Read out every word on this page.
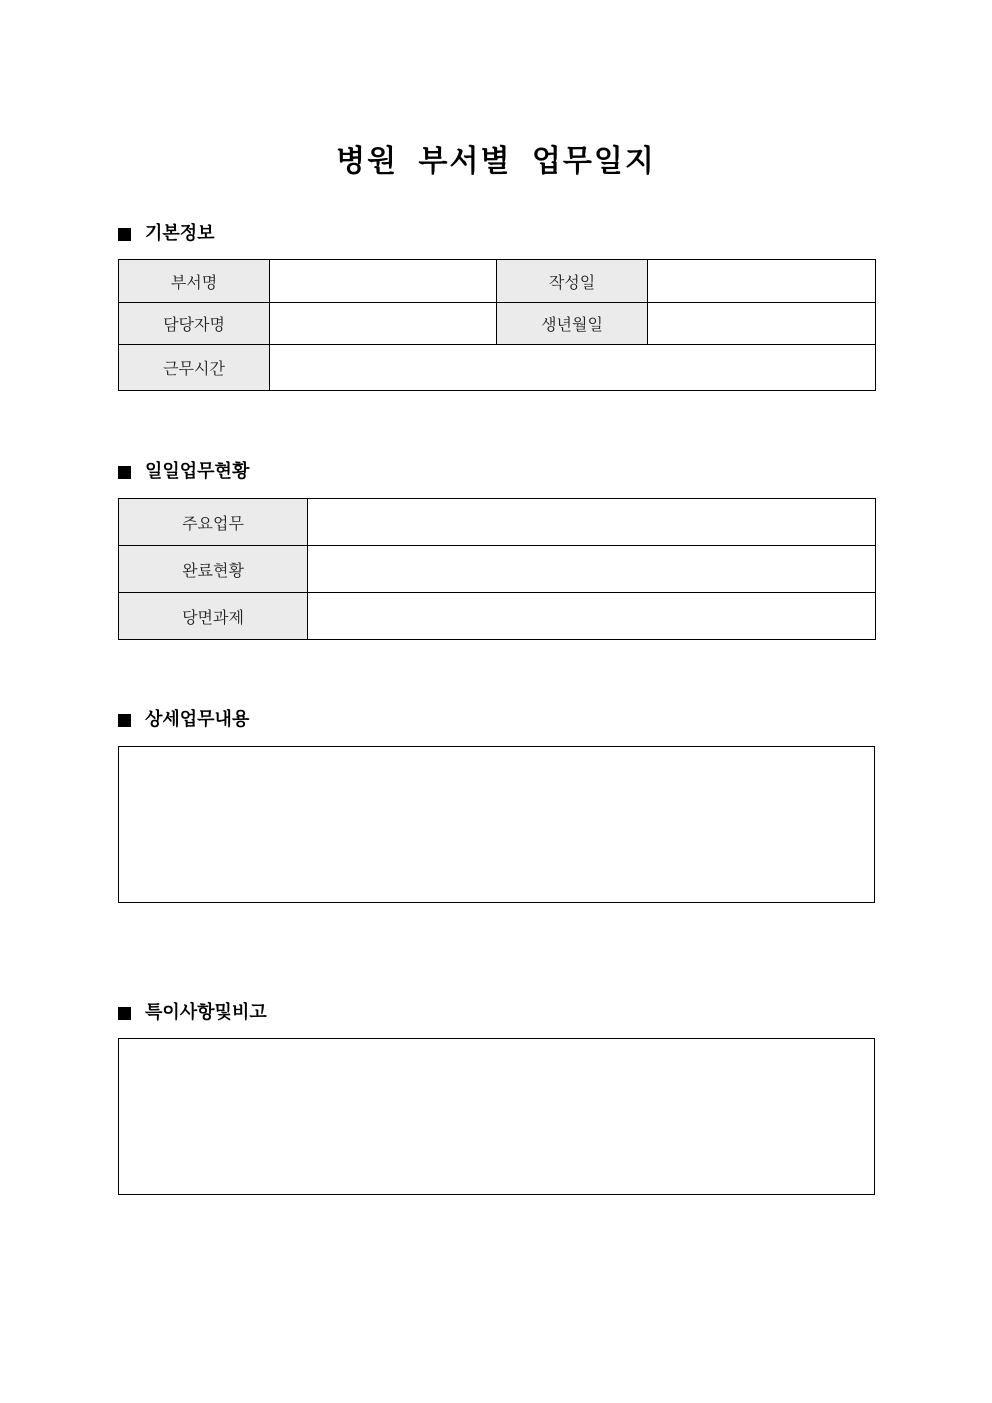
병원 부서별 업무일지
기본정보
부서명		작성일	
담당자명		생년월일	
근무시간			
일일업무현황
주요업무	
완료현황	
당면과제	
상세업무내용
특이사항및비고
